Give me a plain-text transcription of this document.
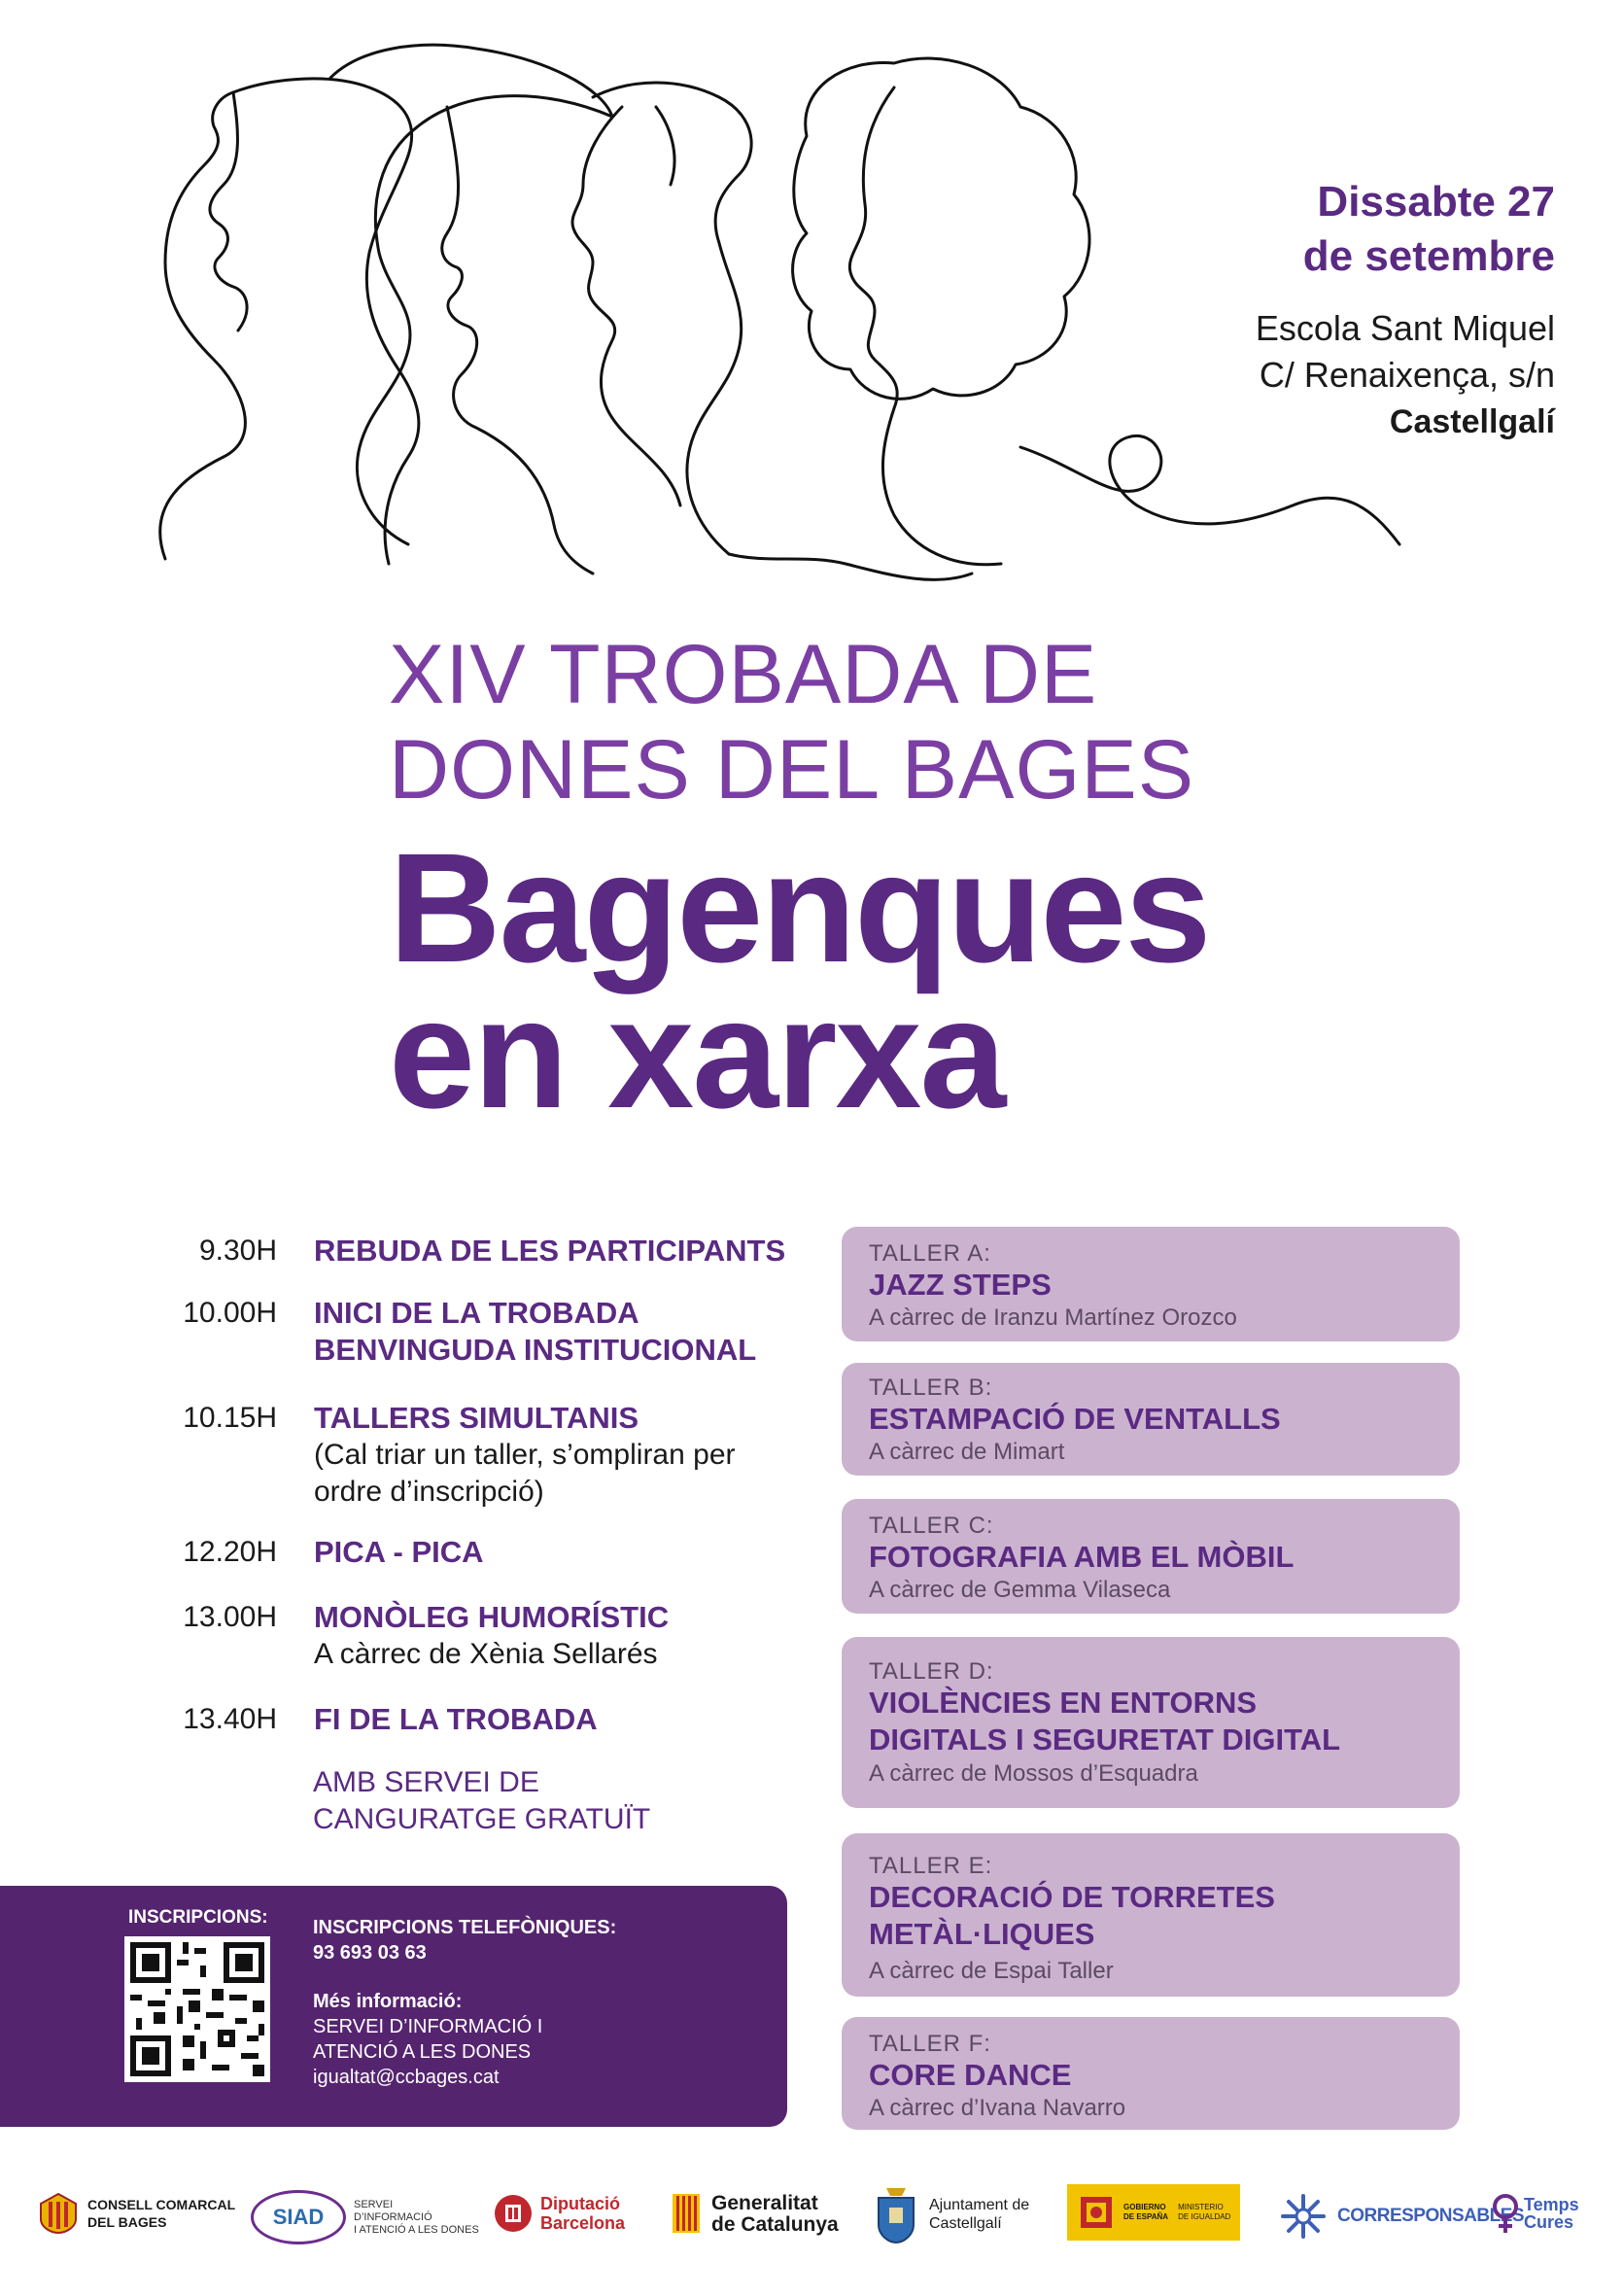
Dissabte 27
de setembre
Escola Sant Miquel
C/ Renaixença, s/n
Castellgalí
XIV TROBADA DE
DONES DEL BAGES
Bagenques
en xarxa
9.30H REBUDA DE LES PARTICIPANTS
10.00H INICI DE LA TROBADA
BENVINGUDA INSTITUCIONAL
10.15H TALLERS SIMULTANIS
(Cal triar un taller, s’ompliran per
ordre d’inscripció)
12.20H PICA - PICA
13.00H MONÒLEG HUMORÍSTIC
A càrrec de Xènia Sellarés
13.40H FI DE LA TROBADA
AMB SERVEI DE
CANGURATGE GRATUÏT
TALLER A:
JAZZ STEPS
A càrrec de Iranzu Martínez Orozco
TALLER B:
ESTAMPACIÓ DE VENTALLS
A càrrec de Mimart
TALLER C:
FOTOGRAFIA AMB EL MÒBIL
A càrrec de Gemma Vilaseca
TALLER D:
VIOLÈNCIES EN ENTORNS
DIGITALS I SEGURETAT DIGITAL
A càrrec de Mossos d’Esquadra
TALLER E:
DECORACIÓ DE TORRETES
METÀL·LIQUES
A càrrec de Espai Taller
TALLER F:
CORE DANCE
A càrrec d’Ivana Navarro
INSCRIPCIONS: INSCRIPCIONS TELEFÒNIQUES:
93 693 03 63
Més informació:
SERVEI D’INFORMACIÓ I
ATENCIÓ A LES DONES
igualtat@ccbages.cat
CONSELL COMARCAL
DEL BAGES	SIAD
SERVEI
D’INFORMACIÓ
I ATENCIÓ A LES DONES
Diputació
Barcelona
Generalitat
de Catalunya
Ajuntament de
Castellgalí
GOBIERNO
DE ESPAÑA
MINISTERIO
DE IGUALDAD	CORRESPONSABLES
Temps
Cures
